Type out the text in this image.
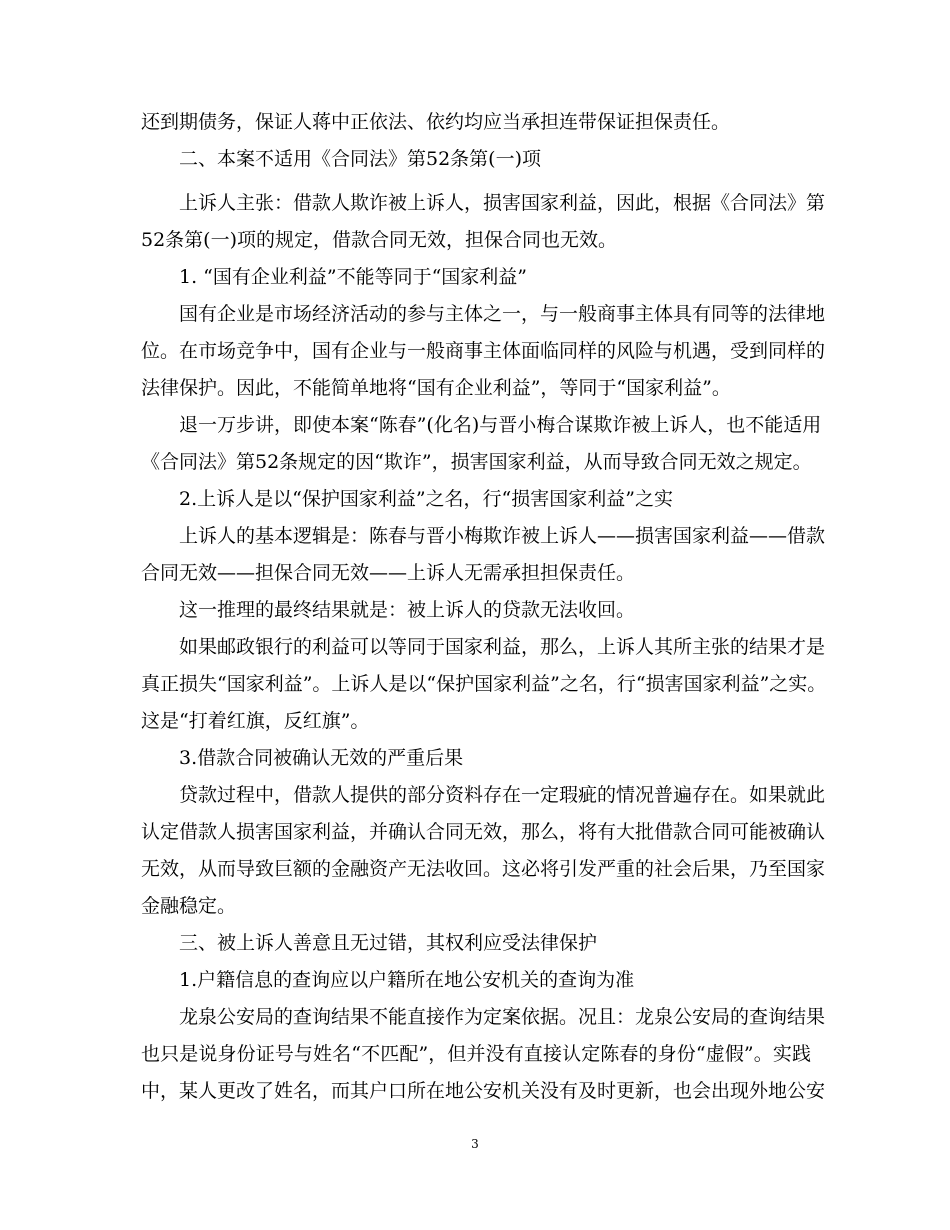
还到期债务，保证人蒋中正依法、依约均应当承担连带保证担保责任。
二、本案不适用《合同法》第52条第(一)项
上诉人主张：借款人欺诈被上诉人，损害国家利益，因此，根据《合同法》第
52条第(一)项的规定，借款合同无效，担保合同也无效。
1. “国有企业利益”不能等同于“国家利益”
国有企业是市场经济活动的参与主体之一，与一般商事主体具有同等的法律地
位。在市场竞争中，国有企业与一般商事主体面临同样的风险与机遇，受到同样的
法律保护。因此，不能简单地将“国有企业利益”，等同于“国家利益”。
退一万步讲，即使本案“陈春”(化名)与晋小梅合谋欺诈被上诉人，也不能适用
《合同法》第52条规定的因“欺诈”，损害国家利益，从而导致合同无效之规定。
2.上诉人是以“保护国家利益”之名，行“损害国家利益”之实
上诉人的基本逻辑是：陈春与晋小梅欺诈被上诉人——损害国家利益——借款
合同无效——担保合同无效——上诉人无需承担担保责任。
这一推理的最终结果就是：被上诉人的贷款无法收回。
如果邮政银行的利益可以等同于国家利益，那么，上诉人其所主张的结果才是
真正损失“国家利益”。上诉人是以“保护国家利益”之名，行“损害国家利益”之实。
这是“打着红旗，反红旗”。
3.借款合同被确认无效的严重后果
贷款过程中，借款人提供的部分资料存在一定瑕疵的情况普遍存在。如果就此
认定借款人损害国家利益，并确认合同无效，那么，将有大批借款合同可能被确认
无效，从而导致巨额的金融资产无法收回。这必将引发严重的社会后果，乃至国家
金融稳定。
三、被上诉人善意且无过错，其权利应受法律保护
1.户籍信息的查询应以户籍所在地公安机关的查询为准
龙泉公安局的查询结果不能直接作为定案依据。况且：龙泉公安局的查询结果
也只是说身份证号与姓名“不匹配”，但并没有直接认定陈春的身份“虚假”。实践
中，某人更改了姓名，而其户口所在地公安机关没有及时更新，也会出现外地公安
3
